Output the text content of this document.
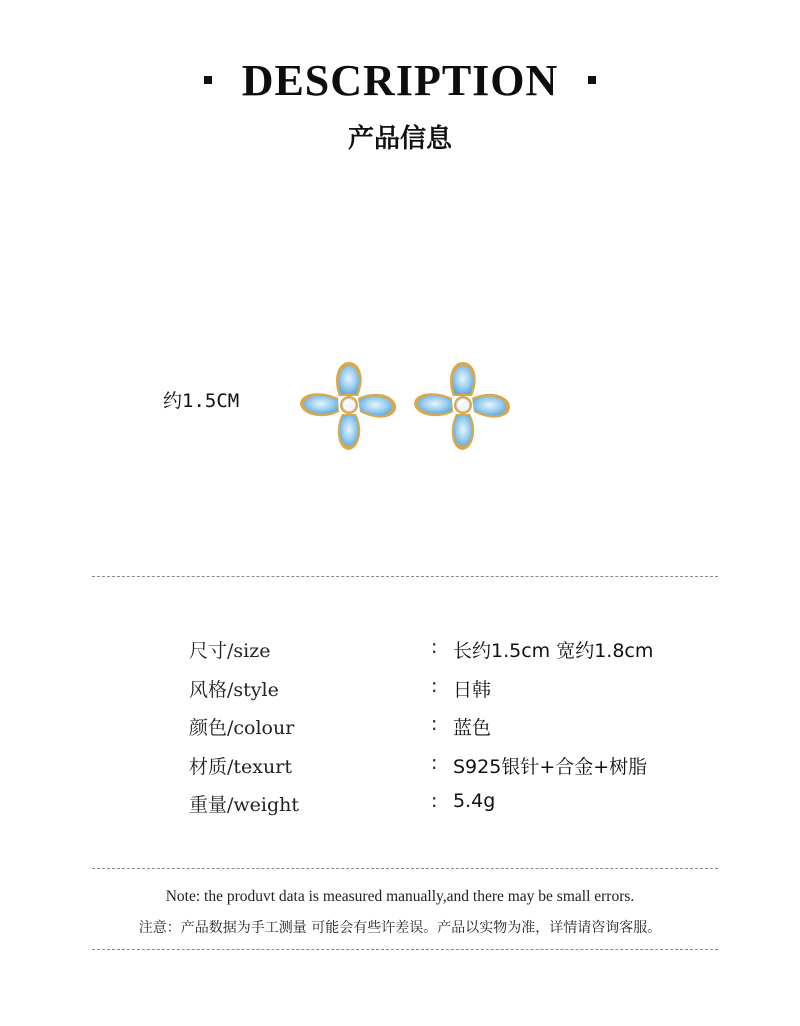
DESCRIPTION
产品信息
约1.5CM
尺寸/size	: 长约1.5cm 宽约1.8cm
风格/style	: 日韩
颜色/colour	: 蓝色
材质/texurt	: S925银针+合金+树脂
重量/weight	: 5.4g
Note: the produvt data is measured manually,and there may be small errors.
注意：产品数据为手工测量 可能会有些许差误。产品以实物为准，详情请咨询客服。
